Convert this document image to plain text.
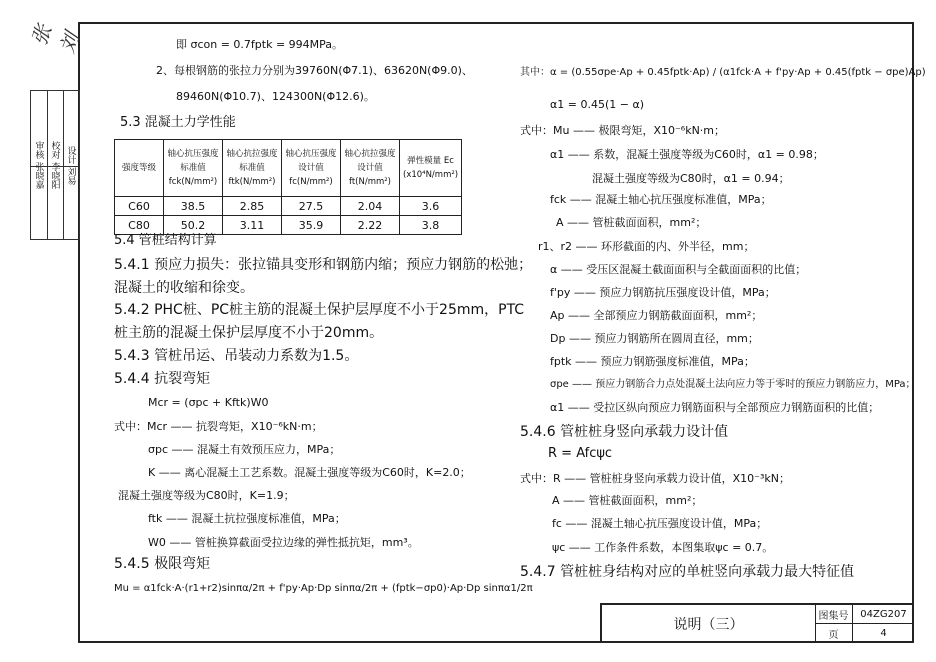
张
刘
审核 张晓嘉 校对 李晓阳 设计 刘易
即 σcon = 0.7fptk = 994MPa。
2、每根钢筋的张拉力分别为39760N(Φ7.1)、63620N(Φ9.0)、
89460N(Φ10.7)、124300N(Φ12.6)。
5.3 混凝土力学性能
强度等级	轴心抗压强度标准值 fck(N/mm²)	轴心抗拉强度标准值 ftk(N/mm²)	轴心抗压强度设计值 fc(N/mm²)	轴心抗拉强度设计值 ft(N/mm²)	弹性模量 Ec (x10⁴N/mm²)
C60	38.5	2.85	27.5	2.04	3.6
C80	50.2	3.11	35.9	2.22	3.8
5.4 管桩结构计算
5.4.1 预应力损失：张拉锚具变形和钢筋内缩；预应力钢筋的松弛；
混凝土的收缩和徐变。
5.4.2 PHC桩、PC桩主筋的混凝土保护层厚度不小于25mm，PTC
桩主筋的混凝土保护层厚度不小于20mm。
5.4.3 管桩吊运、吊装动力系数为1.5。
5.4.4 抗裂弯矩
Mcr = (σpc + Kftk)W0
式中：Mcr —— 抗裂弯矩，X10⁻⁶kN·m；
σpc —— 混凝土有效预压应力，MPa；
K —— 离心混凝土工艺系数。混凝土强度等级为C60时，K=2.0；
混凝土强度等级为C80时，K=1.9；
ftk —— 混凝土抗拉强度标准值，MPa；
W0 —— 管桩换算截面受拉边缘的弹性抵抗矩，mm³。
5.4.5 极限弯矩
Mu = α1fck·A·(r1+r2)sinπα/2π + f'py·Ap·Dp sinπα/2π + (fptk−σp0)·Ap·Dp sinπα1/2π
其中：α = (0.55σpe·Ap + 0.45fptk·Ap) / (α1fck·A + f'py·Ap + 0.45(fptk − σpe)Ap)
α1 = 0.45(1 − α)
式中：Mu —— 极限弯矩，X10⁻⁶kN·m；
α1 —— 系数，混凝土强度等级为C60时，α1 = 0.98；
混凝土强度等级为C80时，α1 = 0.94；
fck —— 混凝土轴心抗压强度标准值，MPa；
A —— 管桩截面面积，mm²；
r1、r2 —— 环形截面的内、外半径，mm；
α —— 受压区混凝土截面面积与全截面面积的比值；
f'py —— 预应力钢筋抗压强度设计值，MPa；
Ap —— 全部预应力钢筋截面面积，mm²；
Dp —— 预应力钢筋所在圆周直径，mm；
fptk —— 预应力钢筋强度标准值，MPa；
σpe —— 预应力钢筋合力点处混凝土法向应力等于零时的预应力钢筋应力，MPa；
α1 —— 受拉区纵向预应力钢筋面积与全部预应力钢筋面积的比值；
5.4.6 管桩桩身竖向承载力设计值
R = Afcψc
式中：R —— 管桩桩身竖向承载力设计值，X10⁻³kN；
A —— 管桩截面面积，mm²；
fc —— 混凝土轴心抗压强度设计值，MPa；
ψc —— 工作条件系数，本图集取ψc = 0.7。
5.4.7 管桩桩身结构对应的单桩竖向承载力最大特征值
说明（三）
图集号	04ZG207
页	4
